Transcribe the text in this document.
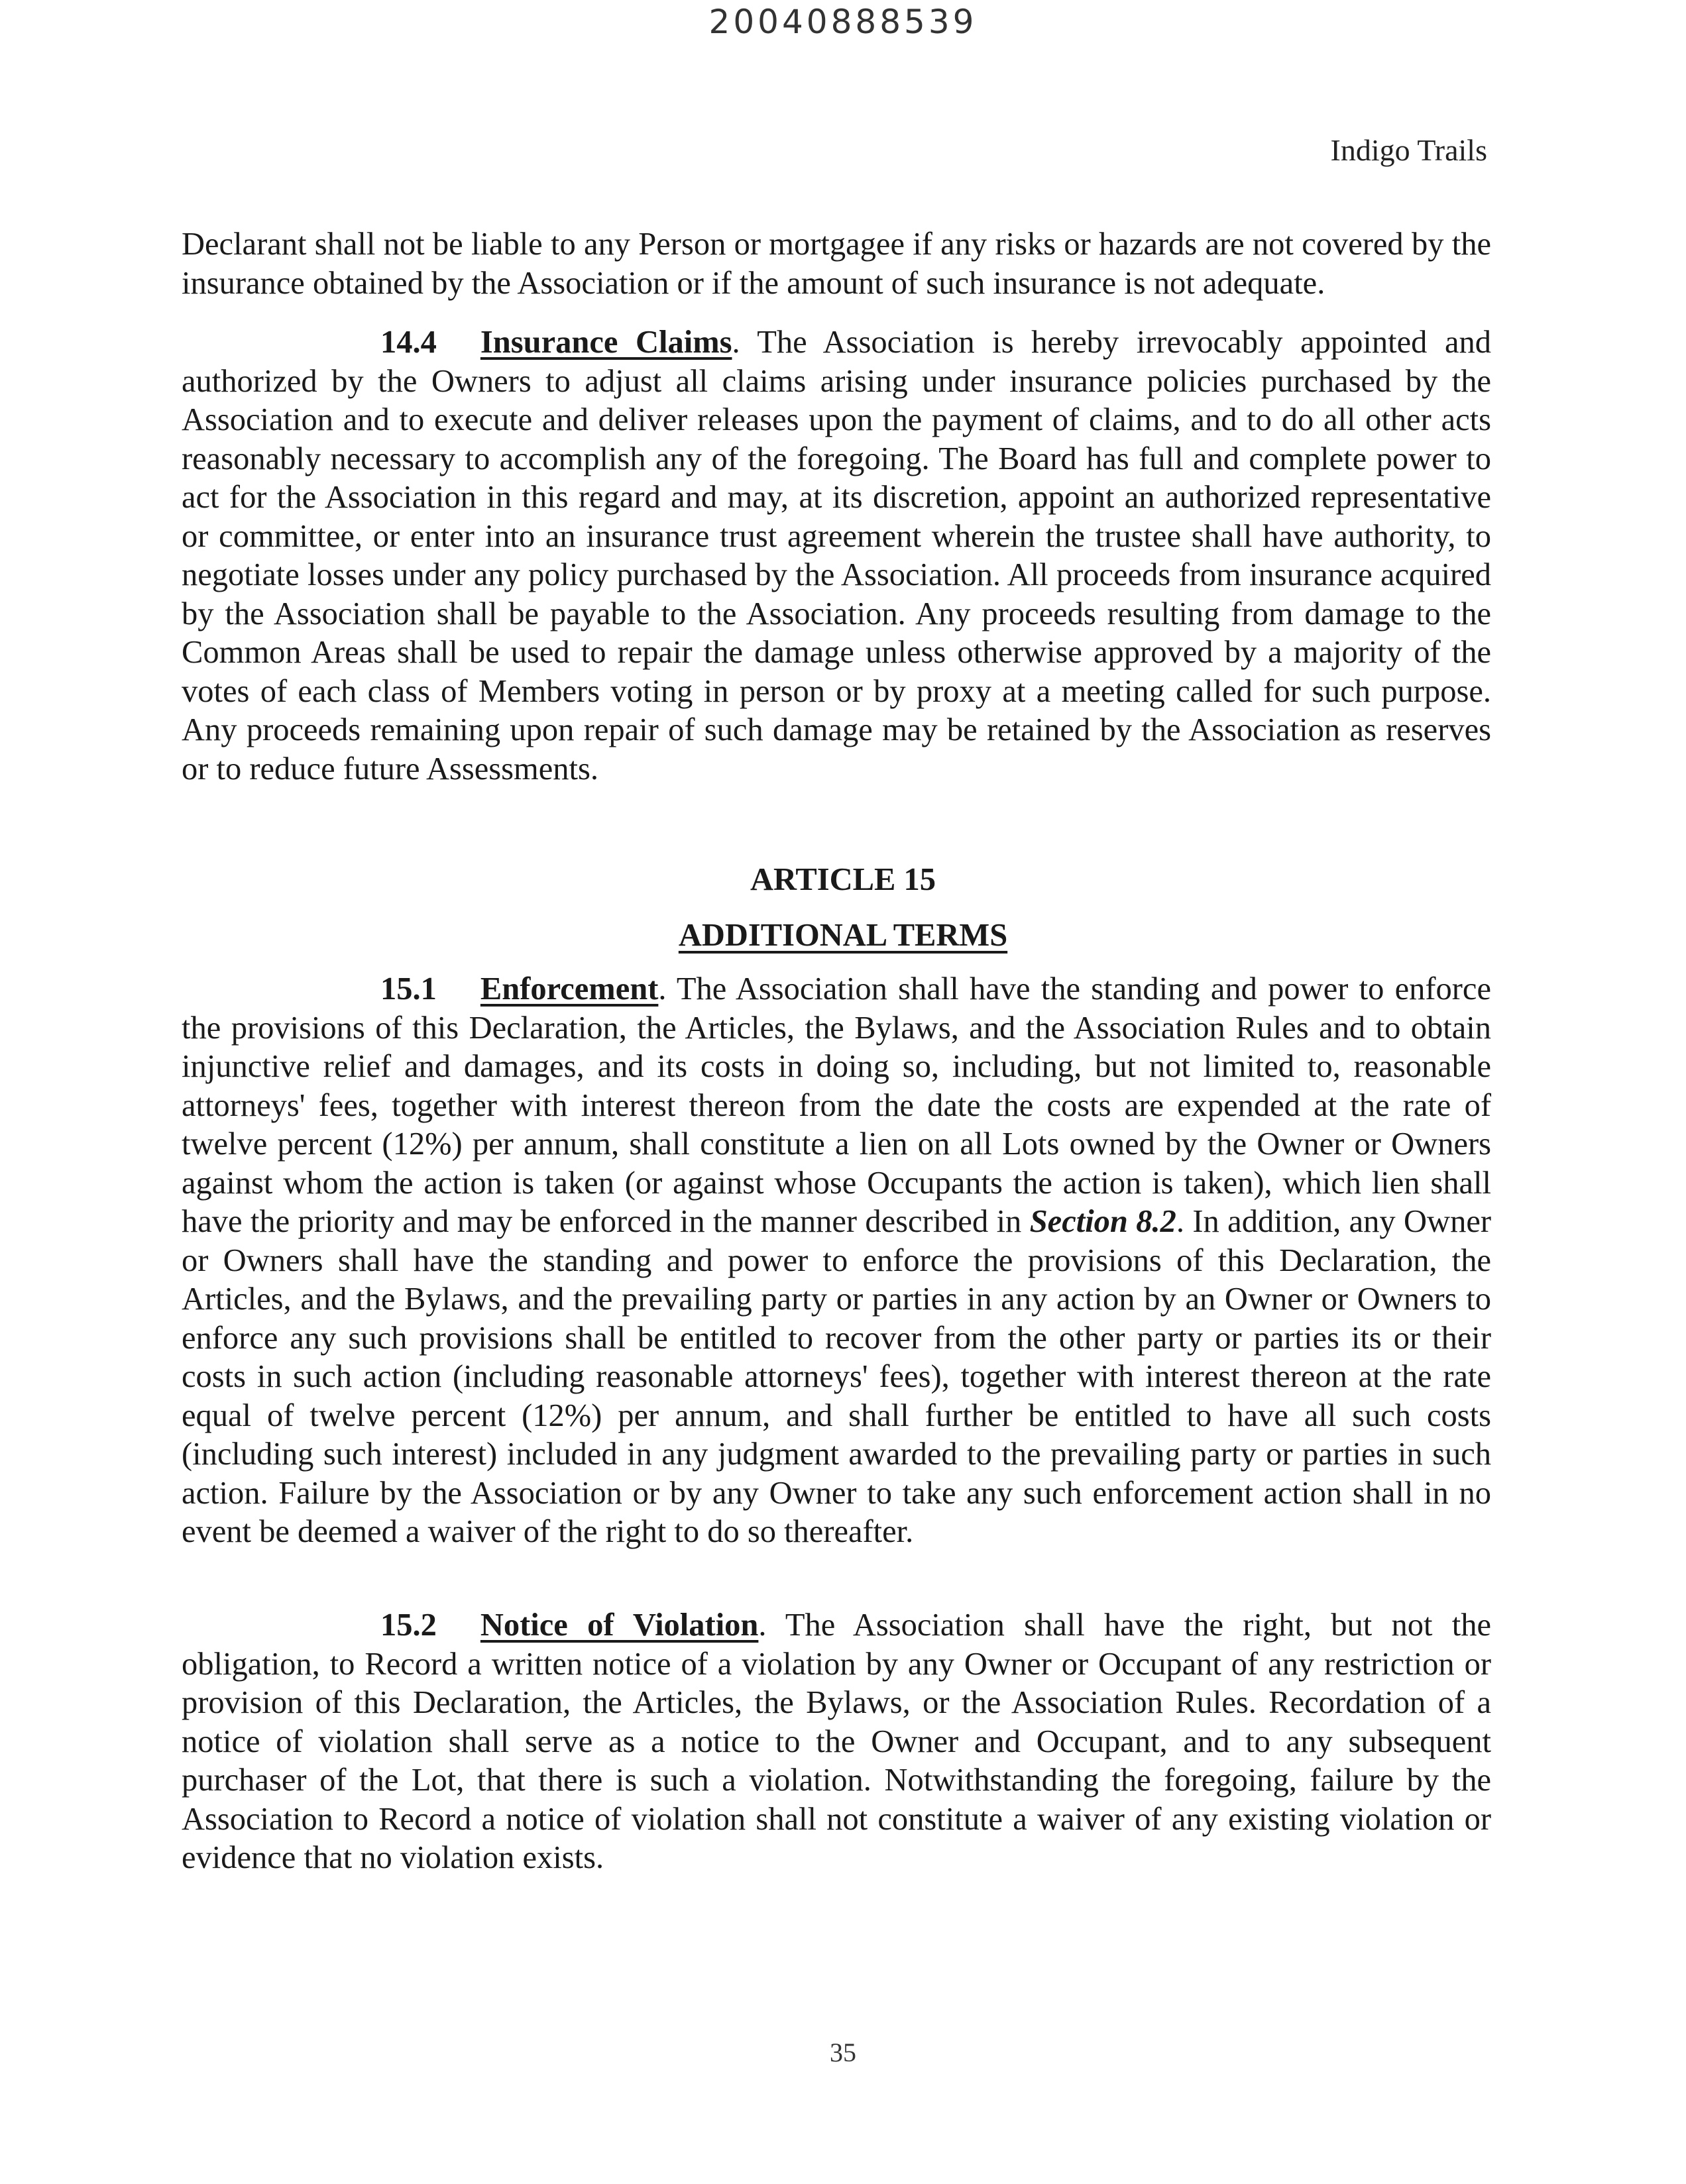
20040888539
Indigo Trails

Declarant shall not be liable to any Person or mortgagee if any risks or hazards are not covered by the insurance obtained by the Association or if the amount of such insurance is not adequate.

14.4 Insurance Claims. The Association is hereby irrevocably appointed and authorized by the Owners to adjust all claims arising under insurance policies purchased by the Association and to execute and deliver releases upon the payment of claims, and to do all other acts reasonably necessary to accomplish any of the foregoing. The Board has full and complete power to act for the Association in this regard and may, at its discretion, appoint an authorized representative or committee, or enter into an insurance trust agreement wherein the trustee shall have authority, to negotiate losses under any policy purchased by the Association. All proceeds from insurance acquired by the Association shall be payable to the Association. Any proceeds resulting from damage to the Common Areas shall be used to repair the damage unless otherwise approved by a majority of the votes of each class of Members voting in person or by proxy at a meeting called for such purpose. Any proceeds remaining upon repair of such damage may be retained by the Association as reserves or to reduce future Assessments.

ARTICLE 15
ADDITIONAL TERMS

15.1 Enforcement. The Association shall have the standing and power to enforce the provisions of this Declaration, the Articles, the Bylaws, and the Association Rules and to obtain injunctive relief and damages, and its costs in doing so, including, but not limited to, reasonable attorneys' fees, together with interest thereon from the date the costs are expended at the rate of twelve percent (12%) per annum, shall constitute a lien on all Lots owned by the Owner or Owners against whom the action is taken (or against whose Occupants the action is taken), which lien shall have the priority and may be enforced in the manner described in Section 8.2. In addition, any Owner or Owners shall have the standing and power to enforce the provisions of this Declaration, the Articles, and the Bylaws, and the prevailing party or parties in any action by an Owner or Owners to enforce any such provisions shall be entitled to recover from the other party or parties its or their costs in such action (including reasonable attorneys' fees), together with interest thereon at the rate equal of twelve percent (12%) per annum, and shall further be entitled to have all such costs (including such interest) included in any judgment awarded to the prevailing party or parties in such action. Failure by the Association or by any Owner to take any such enforcement action shall in no event be deemed a waiver of the right to do so thereafter.

15.2 Notice of Violation. The Association shall have the right, but not the obligation, to Record a written notice of a violation by any Owner or Occupant of any restriction or provision of this Declaration, the Articles, the Bylaws, or the Association Rules. Recordation of a notice of violation shall serve as a notice to the Owner and Occupant, and to any subsequent purchaser of the Lot, that there is such a violation. Notwithstanding the foregoing, failure by the Association to Record a notice of violation shall not constitute a waiver of any existing violation or evidence that no violation exists.

35
